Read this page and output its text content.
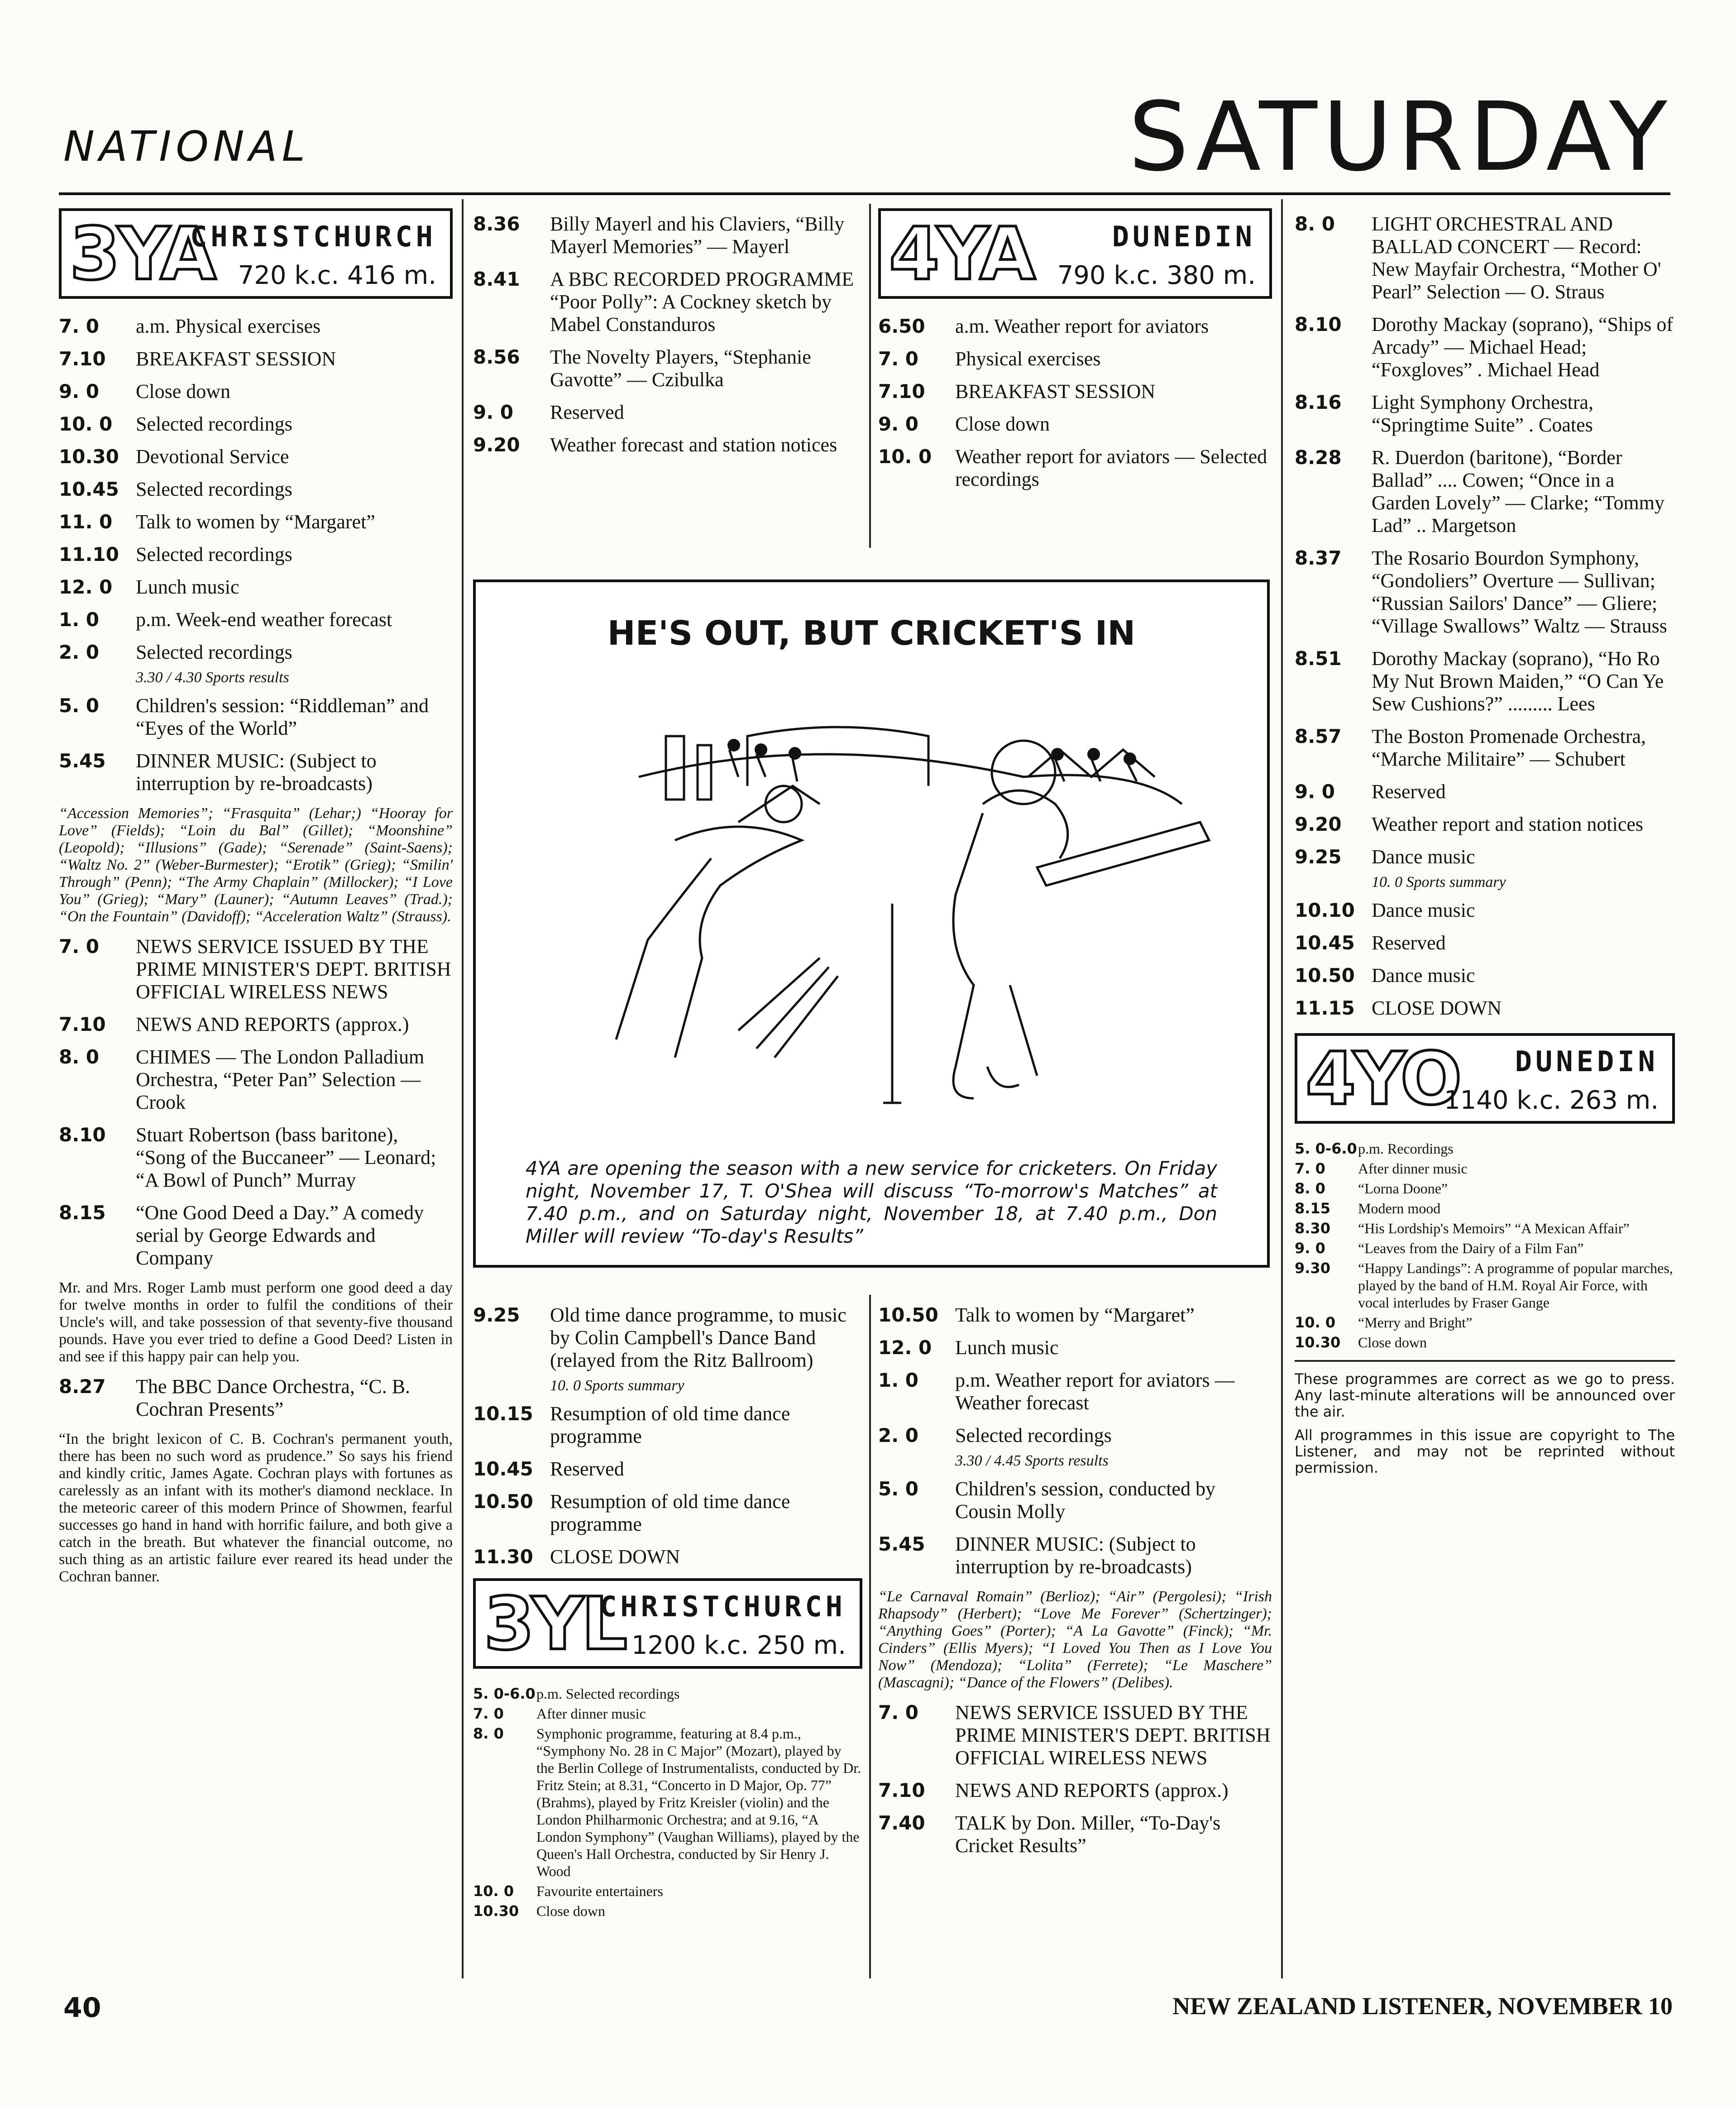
NATIONAL	SATURDAY
3YA
CHRISTCHURCH
720 k.c. 416 m.
7. 0	a.m. Physical exercises
7.10	BREAKFAST SESSION
9. 0	Close down
10. 0	Selected recordings
10.30 Devotional Service
10.45 Selected recordings
11. 0	Talk to women by “Margaret”
11.10 Selected recordings
12. 0	Lunch music
1. 0	p.m. Week-end weather forecast
2. 0	Selected recordings
3.30 / 4.30 Sports results
5. 0	Children's session: “Riddleman” and “Eyes of the World”
5.45	DINNER MUSIC: (Subject to interruption by re-broadcasts)
“Accession Memories”; “Frasquita” (Lehar;) “Hooray for Love” (Fields); “Loin du Bal” (Gillet); “Moonshine” (Leopold); “Illusions” (Gade); “Serenade” (Saint-Saens); “Waltz No. 2” (Weber-Burmester); “Erotik” (Grieg); “Smilin' Through” (Penn); “The Army Chaplain” (Millocker); “I Love You” (Grieg); “Mary” (Launer); “Autumn Leaves” (Trad.); “On the Fountain” (Davidoff); “Acceleration Waltz” (Strauss).
7. 0	NEWS SERVICE ISSUED BY THE PRIME MINISTER'S DEPT. BRITISH OFFICIAL WIRELESS NEWS
7.10	NEWS AND REPORTS (approx.)
8. 0	CHIMES — The London Palladium Orchestra, “Peter Pan” Selection — Crook
8.10	Stuart Robertson (bass baritone), “Song of the Buccaneer” — Leonard; “A Bowl of Punch” Murray
8.15	“One Good Deed a Day.” A comedy serial by George Edwards and Company
Mr. and Mrs. Roger Lamb must perform one good deed a day for twelve months in order to fulfil the conditions of their Uncle's will, and take possession of that seventy-five thousand pounds. Have you ever tried to define a Good Deed? Listen in and see if this happy pair can help you.
8.27	The BBC Dance Orchestra, “C. B. Cochran Presents”
“In the bright lexicon of C. B. Cochran's permanent youth, there has been no such word as prudence.” So says his friend and kindly critic, James Agate. Cochran plays with fortunes as carelessly as an infant with its mother's diamond necklace. In the meteoric career of this modern Prince of Showmen, fearful successes go hand in hand with horrific failure, and both give a catch in the breath. But whatever the financial outcome, no such thing as an artistic failure ever reared its head under the Cochran banner.
8.36	Billy Mayerl and his Claviers, “Billy Mayerl Memories” — Mayerl
8.41	A BBC RECORDED PROGRAMME “Poor Polly”: A Cockney sketch by Mabel Constanduros
8.56	The Novelty Players, “Stephanie Gavotte” — Czibulka
9. 0	Reserved
9.20	Weather forecast and station notices
4YA	DUNEDIN
790 k.c. 380 m.
6.50	a.m. Weather report for aviators
7. 0	Physical exercises
7.10	BREAKFAST SESSION
9. 0	Close down
10. 0	Weather report for aviators — Selected recordings
HE'S OUT, BUT CRICKET'S IN
4YA are opening the season with a new service for cricketers. On Friday night, November 17, T. O'Shea will discuss “To-morrow's Matches” at 7.40 p.m., and on Saturday night, November 18, at 7.40 p.m., Don Miller will review “To-day's Results”
9.25	Old time dance programme, to music by Colin Campbell's Dance Band (relayed from the Ritz Ballroom)
10. 0 Sports summary
10.15 Resumption of old time dance programme
10.45 Reserved
10.50 Resumption of old time dance programme
11.30 CLOSE DOWN
3YL
CHRISTCHURCH
1200 k.c. 250 m.
5. 0-6.0 p.m. Selected recordings
7. 0	After dinner music
8. 0	Symphonic programme, featuring at 8.4 p.m., “Symphony No. 28 in C Major” (Mozart), played by the Berlin College of Instrumentalists, conducted by Dr. Fritz Stein; at 8.31, “Concerto in D Major, Op. 77” (Brahms), played by Fritz Kreisler (violin) and the London Philharmonic Orchestra; and at 9.16, “A London Symphony” (Vaughan Williams), played by the Queen's Hall Orchestra, conducted by Sir Henry J. Wood
10. 0	Favourite entertainers
10.30	Close down
10.50 Talk to women by “Margaret”
12. 0	Lunch music
1. 0	p.m. Weather report for aviators — Weather forecast
2. 0	Selected recordings
3.30 / 4.45 Sports results
5. 0	Children's session, conducted by Cousin Molly
5.45	DINNER MUSIC: (Subject to interruption by re-broadcasts)
“Le Carnaval Romain” (Berlioz); “Air” (Pergolesi); “Irish Rhapsody” (Herbert); “Love Me Forever” (Schertzinger); “Anything Goes” (Porter); “A La Gavotte” (Finck); “Mr. Cinders” (Ellis Myers); “I Loved You Then as I Love You Now” (Mendoza); “Lolita” (Ferrete); “Le Maschere” (Mascagni); “Dance of the Flowers” (Delibes).
7. 0	NEWS SERVICE ISSUED BY THE PRIME MINISTER'S DEPT. BRITISH OFFICIAL WIRELESS NEWS
7.10	NEWS AND REPORTS (approx.)
7.40	TALK by Don. Miller, “To-Day's Cricket Results”
8. 0	LIGHT ORCHESTRAL AND BALLAD CONCERT — Record: New Mayfair Orchestra, “Mother O' Pearl” Selection — O. Straus
8.10	Dorothy Mackay (soprano), “Ships of Arcady” — Michael Head; “Foxgloves” . Michael Head
8.16	Light Symphony Orchestra, “Springtime Suite” . Coates
8.28	R. Duerdon (baritone), “Border Ballad” .... Cowen; “Once in a Garden Lovely” — Clarke; “Tommy Lad” .. Margetson
8.37	The Rosario Bourdon Symphony, “Gondoliers” Overture — Sullivan; “Russian Sailors' Dance” — Gliere; “Village Swallows” Waltz — Strauss
8.51	Dorothy Mackay (soprano), “Ho Ro My Nut Brown Maiden,” “O Can Ye Sew Cushions?” ......... Lees
8.57	The Boston Promenade Orchestra, “Marche Militaire” — Schubert
9. 0	Reserved
9.20	Weather report and station notices
9.25	Dance music
10. 0 Sports summary
10.10 Dance music
10.45 Reserved
10.50 Dance music
11.15 CLOSE DOWN
4YO DUNEDIN
1140 k.c. 263 m.
5. 0-6.0 p.m. Recordings
7. 0	After dinner music
8. 0	“Lorna Doone”
8.15	Modern mood
8.30	“His Lordship's Memoirs” “A Mexican Affair”
9. 0	“Leaves from the Dairy of a Film Fan”
9.30	“Happy Landings”: A programme of popular marches, played by the band of H.M. Royal Air Force, with vocal interludes by Fraser Gange
10. 0	“Merry and Bright”
10.30	Close down
These programmes are correct as we go to press. Any last-minute alterations will be announced over the air.
All programmes in this issue are copyright to The Listener, and may not be reprinted without permission.
40	NEW ZEALAND LISTENER, NOVEMBER 10
